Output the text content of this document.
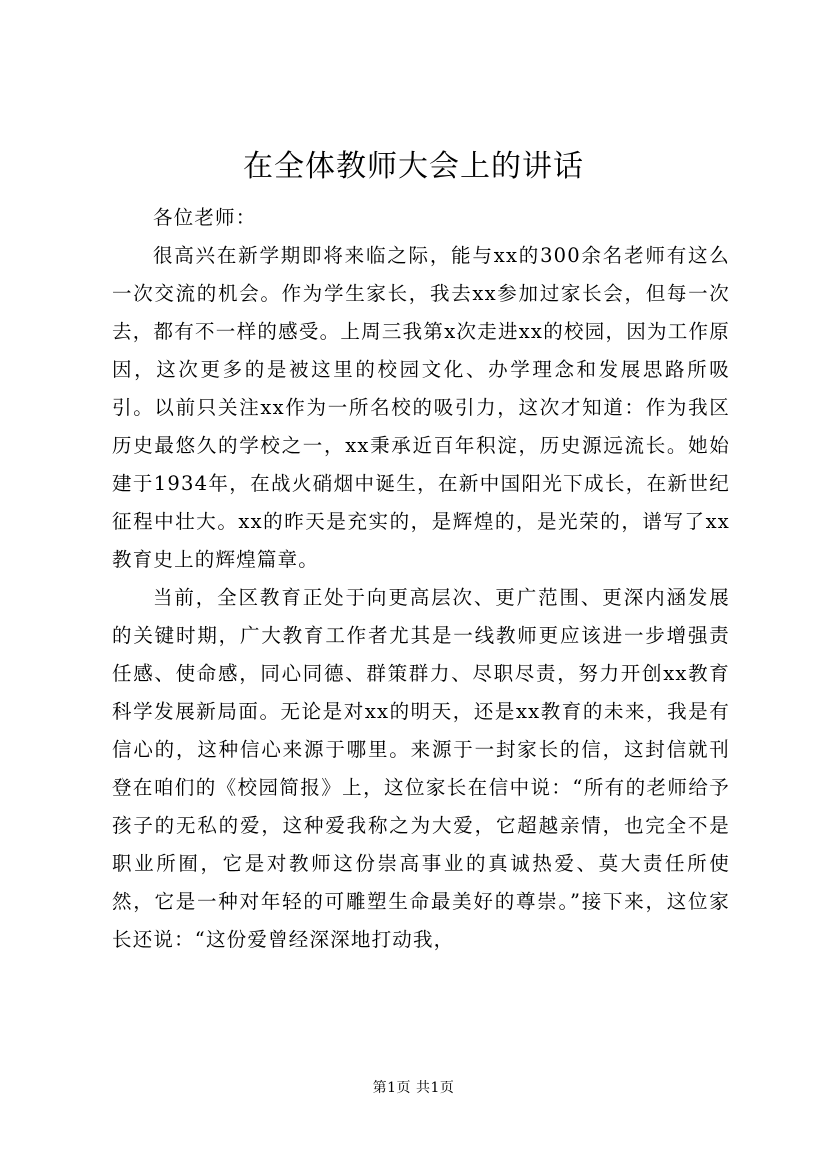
在全体教师大会上的讲话

各位老师：

很高兴在新学期即将来临之际，能与xx的300余名老师有这么一次交流的机会。作为学生家长，我去xx参加过家长会，但每一次去，都有不一样的感受。上周三我第x次走进xx的校园，因为工作原因，这次更多的是被这里的校园文化、办学理念和发展思路所吸引。以前只关注xx作为一所名校的吸引力，这次才知道：作为我区历史最悠久的学校之一，xx秉承近百年积淀，历史源远流长。她始建于1934年，在战火硝烟中诞生，在新中国阳光下成长，在新世纪征程中壮大。xx的昨天是充实的，是辉煌的，是光荣的，谱写了xx教育史上的辉煌篇章。

当前，全区教育正处于向更高层次、更广范围、更深内涵发展的关键时期，广大教育工作者尤其是一线教师更应该进一步增强责任感、使命感，同心同德、群策群力、尽职尽责，努力开创xx教育科学发展新局面。无论是对xx的明天，还是xx教育的未来，我是有信心的，这种信心来源于哪里。来源于一封家长的信，这封信就刊登在咱们的《校园简报》上，这位家长在信中说：“所有的老师给予孩子的无私的爱，这种爱我称之为大爱，它超越亲情，也完全不是职业所囿，它是对教师这份崇高事业的真诚热爱、莫大责任所使然，它是一种对年轻的可雕塑生命最美好的尊崇。”接下来，这位家长还说：“这份爱曾经深深地打动我，

第1页 共1页
